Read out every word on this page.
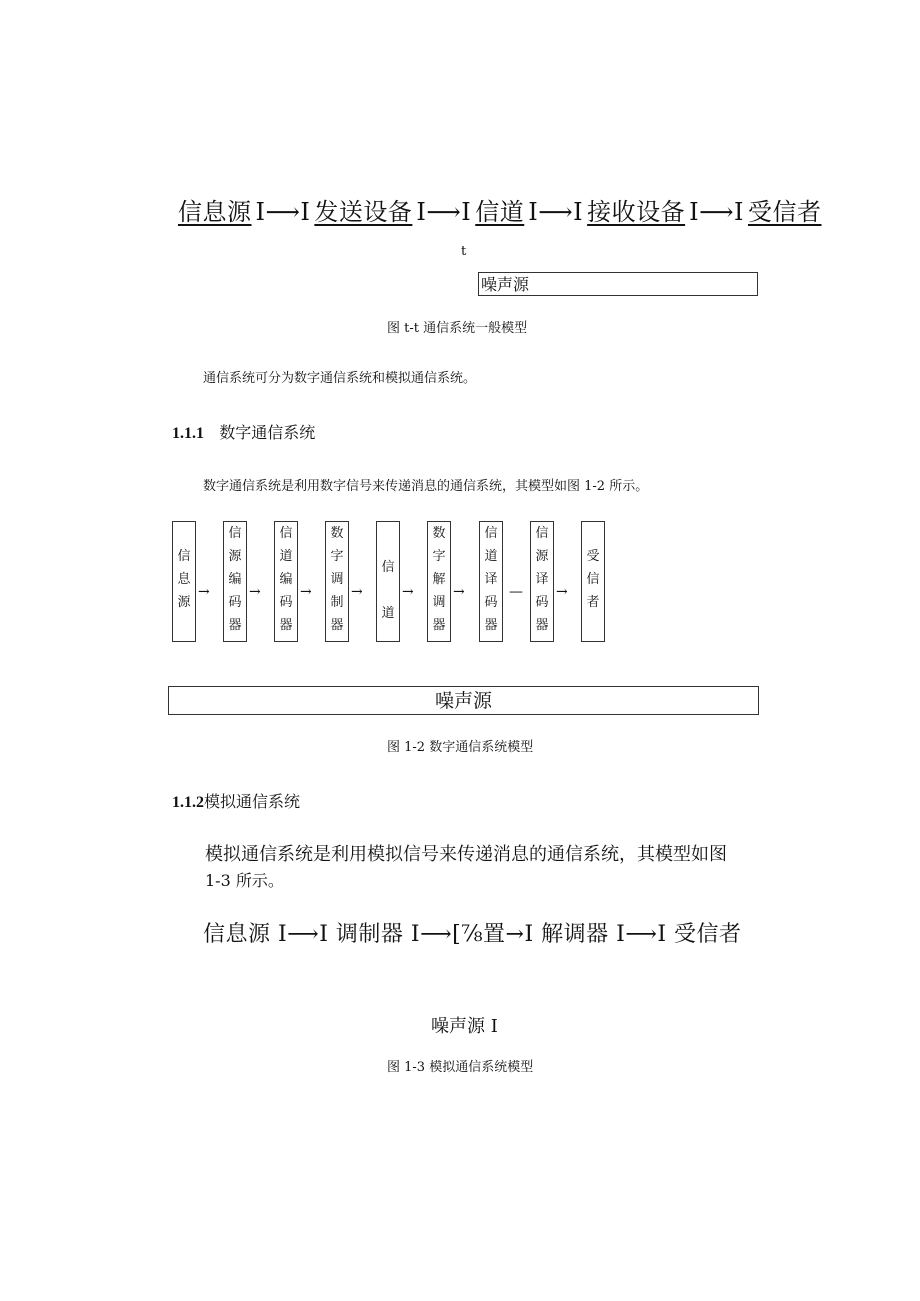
信息源 I⟶I 发送设备 I⟶I 信道 I⟶I 接收设备 I⟶I 受信者
t
噪声源
图 t-t 通信系统一般模型
通信系统可分为数字通信系统和模拟通信系统。
1.1.1 数字通信系统
数字通信系统是利用数字信号来传递消息的通信系统，其模型如图 1-2 所示。
信
息
源
→
信
源
编
码
器
→
信
道
编
码
器
→
数
字
调
制
器
→
信
道
→
数
字
解
调
器
→
信
道
译
码
器
—
信
源
译
码
器
→
受
信
者
噪声源
图 1-2 数字通信系统模型
1.1.2模拟通信系统
模拟通信系统是利用模拟信号来传递消息的通信系统，其模型如图
1-3 所示。
信息源 I⟶I 调制器 I⟶[⅞置→I 解调器 I⟶I 受信者
噪声源 I
图 1-3 模拟通信系统模型
